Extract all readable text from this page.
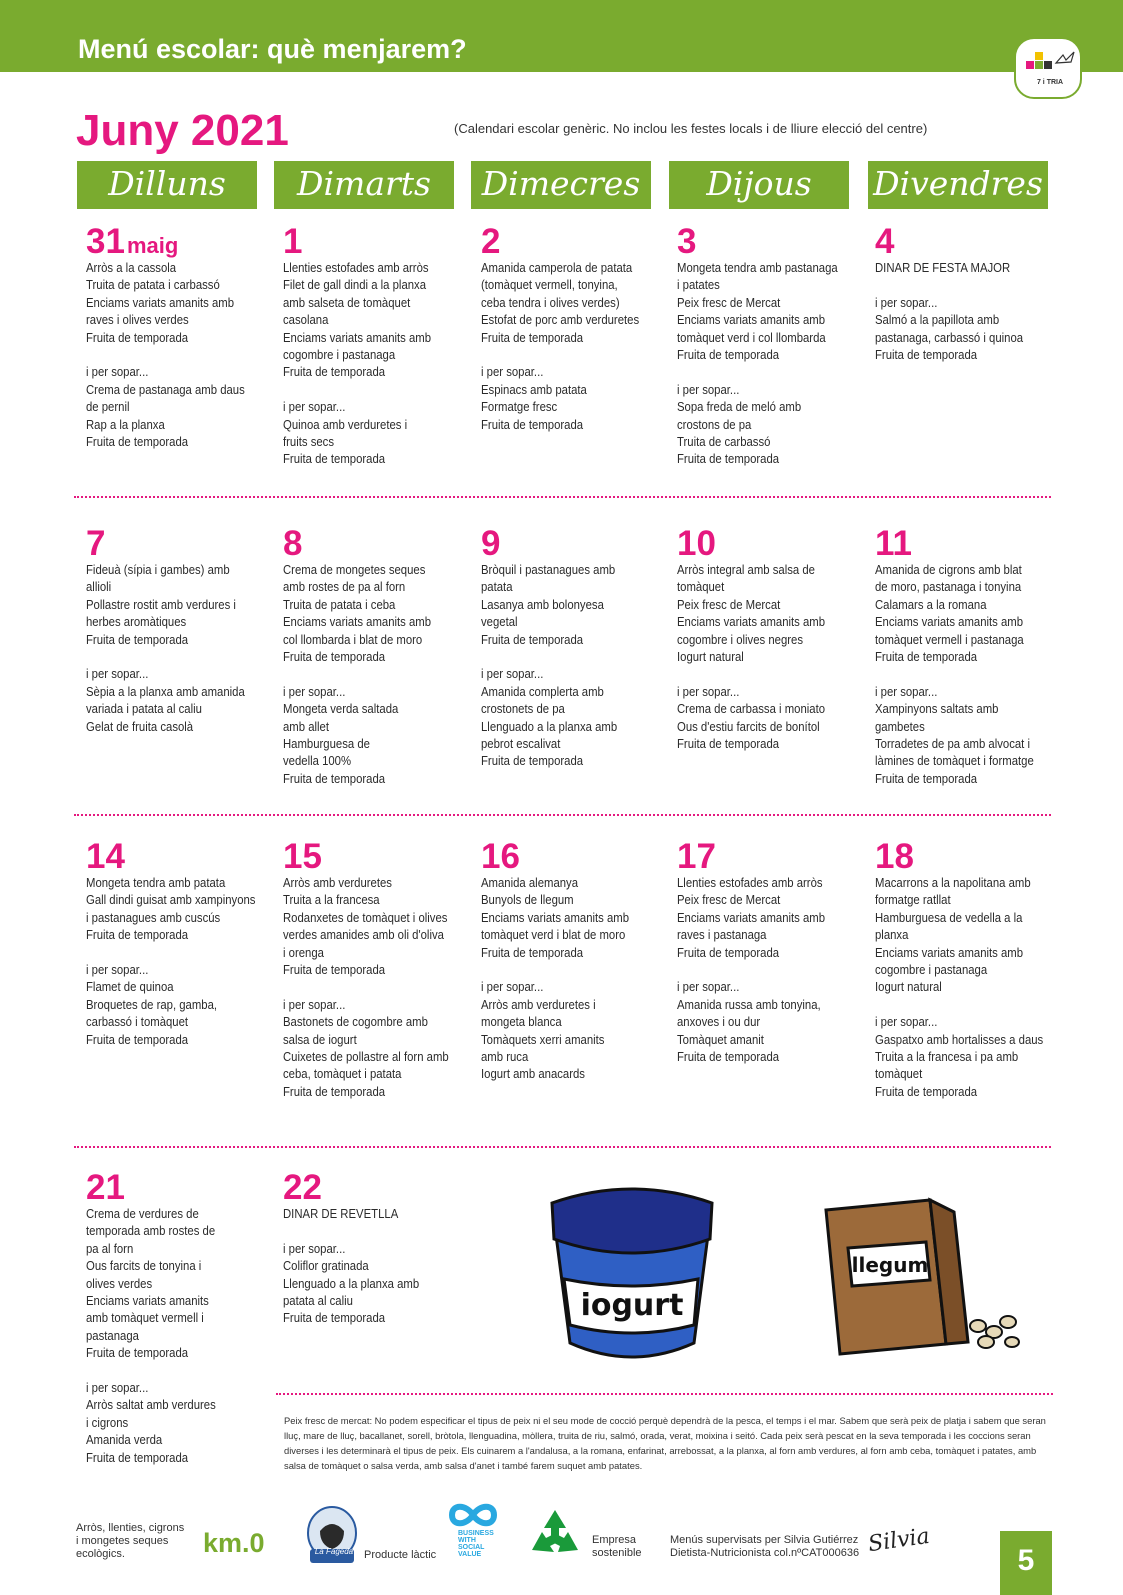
Menú escolar: què menjarem?
7 i TRIA
Juny 2021	(Calendari escolar genèric. No inclou les festes locals i de lliure elecció del centre)
Dilluns	Dimarts	Dimecres	Dijous	Divendres
31maig
Arròs a la cassola
Truita de patata i carbassó
Enciams variats amanits amb
raves i olives verdes
Fruita de temporada
i per sopar...
Crema de pastanaga amb daus
de pernil
Rap a la planxa
Fruita de temporada
1
Llenties estofades amb arròs
Filet de gall dindi a la planxa
amb salseta de tomàquet
casolana
Enciams variats amanits amb
cogombre i pastanaga
Fruita de temporada
i per sopar...
Quinoa amb verduretes i
fruits secs
Fruita de temporada
2
Amanida camperola de patata
(tomàquet vermell, tonyina,
ceba tendra i olives verdes)
Estofat de porc amb verduretes
Fruita de temporada
i per sopar...
Espinacs amb patata
Formatge fresc
Fruita de temporada
3
Mongeta tendra amb pastanaga
i patates
Peix fresc de Mercat
Enciams variats amanits amb
tomàquet verd i col llombarda
Fruita de temporada
i per sopar...
Sopa freda de meló amb
crostons de pa
Truita de carbassó
Fruita de temporada
4
DINAR DE FESTA MAJOR
i per sopar...
Salmó a la papillota amb
pastanaga, carbassó i quinoa
Fruita de temporada
7
Fideuà (sípia i gambes) amb
allioli
Pollastre rostit amb verdures i
herbes aromàtiques
Fruita de temporada
i per sopar...
Sèpia a la planxa amb amanida
variada i patata al caliu
Gelat de fruita casolà
8
Crema de mongetes seques
amb rostes de pa al forn
Truita de patata i ceba
Enciams variats amanits amb
col llombarda i blat de moro
Fruita de temporada
i per sopar...
Mongeta verda saltada
amb allet
Hamburguesa de
vedella 100%
Fruita de temporada
9
Bròquil i pastanagues amb
patata
Lasanya amb bolonyesa
vegetal
Fruita de temporada
i per sopar...
Amanida complerta amb
crostonets de pa
Llenguado a la planxa amb
pebrot escalivat
Fruita de temporada
10
Arròs integral amb salsa de
tomàquet
Peix fresc de Mercat
Enciams variats amanits amb
cogombre i olives negres
Iogurt natural
i per sopar...
Crema de carbassa i moniato
Ous d'estiu farcits de bonítol
Fruita de temporada
11
Amanida de cigrons amb blat
de moro, pastanaga i tonyina
Calamars a la romana
Enciams variats amanits amb
tomàquet vermell i pastanaga
Fruita de temporada
i per sopar...
Xampinyons saltats amb
gambetes
Torradetes de pa amb alvocat i
làmines de tomàquet i formatge
Fruita de temporada
14
Mongeta tendra amb patata
Gall dindi guisat amb xampinyons
i pastanagues amb cuscús
Fruita de temporada
i per sopar...
Flamet de quinoa
Broquetes de rap, gamba,
carbassó i tomàquet
Fruita de temporada
15
Arròs amb verduretes
Truita a la francesa
Rodanxetes de tomàquet i olives
verdes amanides amb oli d'oliva
i orenga
Fruita de temporada
i per sopar...
Bastonets de cogombre amb
salsa de iogurt
Cuixetes de pollastre al forn amb
ceba, tomàquet i patata
Fruita de temporada
16
Amanida alemanya
Bunyols de llegum
Enciams variats amanits amb
tomàquet verd i blat de moro
Fruita de temporada
i per sopar...
Arròs amb verduretes i
mongeta blanca
Tomàquets xerri amanits
amb ruca
Iogurt amb anacards
17
Llenties estofades amb arròs
Peix fresc de Mercat
Enciams variats amanits amb
raves i pastanaga
Fruita de temporada
i per sopar...
Amanida russa amb tonyina,
anxoves i ou dur
Tomàquet amanit
Fruita de temporada
18
Macarrons a la napolitana amb
formatge ratllat
Hamburguesa de vedella a la
planxa
Enciams variats amanits amb
cogombre i pastanaga
Iogurt natural
i per sopar...
Gaspatxo amb hortalisses a daus
Truita a la francesa i pa amb
tomàquet
Fruita de temporada
21
Crema de verdures de
temporada amb rostes de
pa al forn
Ous farcits de tonyina i
olives verdes
Enciams variats amanits
amb tomàquet vermell i
pastanaga
Fruita de temporada
i per sopar...
Arròs saltat amb verdures
i cigrons
Amanida verda
Fruita de temporada
22
DINAR DE REVETLLA
i per sopar...
Coliflor gratinada
Llenguado a la planxa amb
patata al caliu
Fruita de temporada	iogurt
llegum
Peix fresc de mercat: No podem especificar el tipus de peix ni el seu mode de cocció perquè dependrà de la pesca, el temps i el mar. Sabem que serà peix de platja i sabem que seran lluç, mare de lluç, bacallanet, sorell, bròtola, llenguadina, mòllera, truita de riu, salmó, orada, verat, moixina i seitó. Cada peix serà pescat en la seva temporada i les coccions seran diverses i les determinarà el tipus de peix. Els cuinarem a l'andalusa, a la romana, enfarinat, arrebossat, a la planxa, al forn amb verdures, al forn amb ceba, tomàquet i patates, amb salsa de tomàquet o salsa verda, amb salsa d'anet i també farem suquet amb patates.
Arròs, llenties, cigrons
i mongetes seques
ecològics.	km.0	La Fageda Producte làctic
BUSINESS
WITH
SOCIAL
VALUE
Empresa
sostenible
Menús supervisats per Silvia Gutiérrez
Dietista-Nutricionista col.nºCAT000636 Silvia
5
